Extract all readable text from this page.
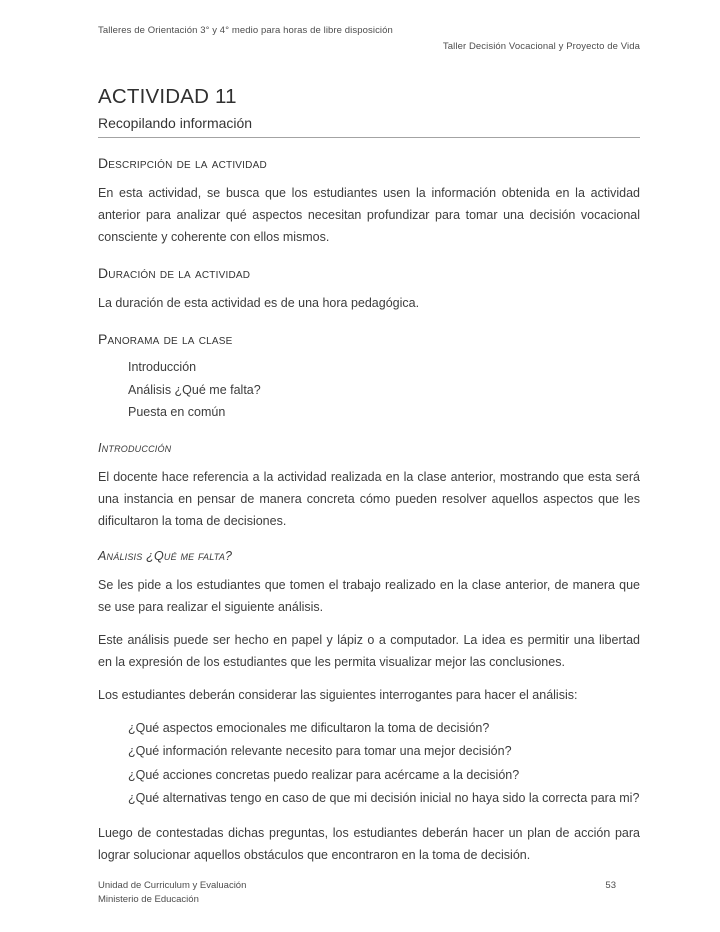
Talleres de Orientación 3° y 4° medio para horas de libre disposición
Taller Decisión Vocacional y Proyecto de Vida
ACTIVIDAD 11
Recopilando información
Descripción de la actividad

En esta actividad, se busca que los estudiantes usen la información obtenida en la actividad anterior para analizar qué aspectos necesitan profundizar para tomar una decisión vocacional consciente y coherente con ellos mismos.

Duración de la actividad

La duración de esta actividad es de una hora pedagógica.

Panorama de la clase
Introducción
Análisis ¿Qué me falta?
Puesta en común
Introducción

El docente hace referencia a la actividad realizada en la clase anterior, mostrando que esta será una instancia en pensar de manera concreta cómo pueden resolver aquellos aspectos que les dificultaron la toma de decisiones.

Análisis ¿Qué me falta?

Se les pide a los estudiantes que tomen el trabajo realizado en la clase anterior, de manera que se use para realizar el siguiente análisis.

Este análisis puede ser hecho en papel y lápiz o a computador. La idea es permitir una libertad en la expresión de los estudiantes que les permita visualizar mejor las conclusiones.

Los estudiantes deberán considerar las siguientes interrogantes para hacer el análisis:

¿Qué aspectos emocionales me dificultaron la toma de decisión?
¿Qué información relevante necesito para tomar una mejor decisión?
¿Qué acciones concretas puedo realizar para acércame a la decisión?
¿Qué alternativas tengo en caso de que mi decisión inicial no haya sido la correcta para mi?

Luego de contestadas dichas preguntas, los estudiantes deberán hacer un plan de acción para lograr solucionar aquellos obstáculos que encontraron en la toma de decisión.

Unidad de Curriculum y Evaluación
Ministerio de Educación
53
